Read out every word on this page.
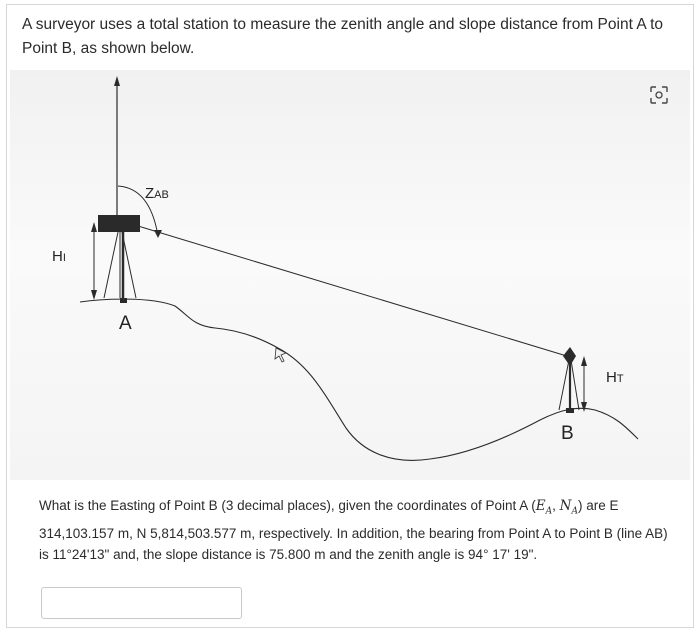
A surveyor uses a total station to measure the zenith angle and slope distance from Point A to Point B, as shown below.
ZAB
HI
A
B
HT
What is the Easting of Point B (3 decimal places), given the coordinates of Point A ($E_A$, $N_A$) are E 314,103.157 m, N 5,814,503.577 m, respectively. In addition, the bearing from Point A to Point B (line AB) is 11°24'13" and, the slope distance is 75.800 m and the zenith angle is 94° 17' 19".
